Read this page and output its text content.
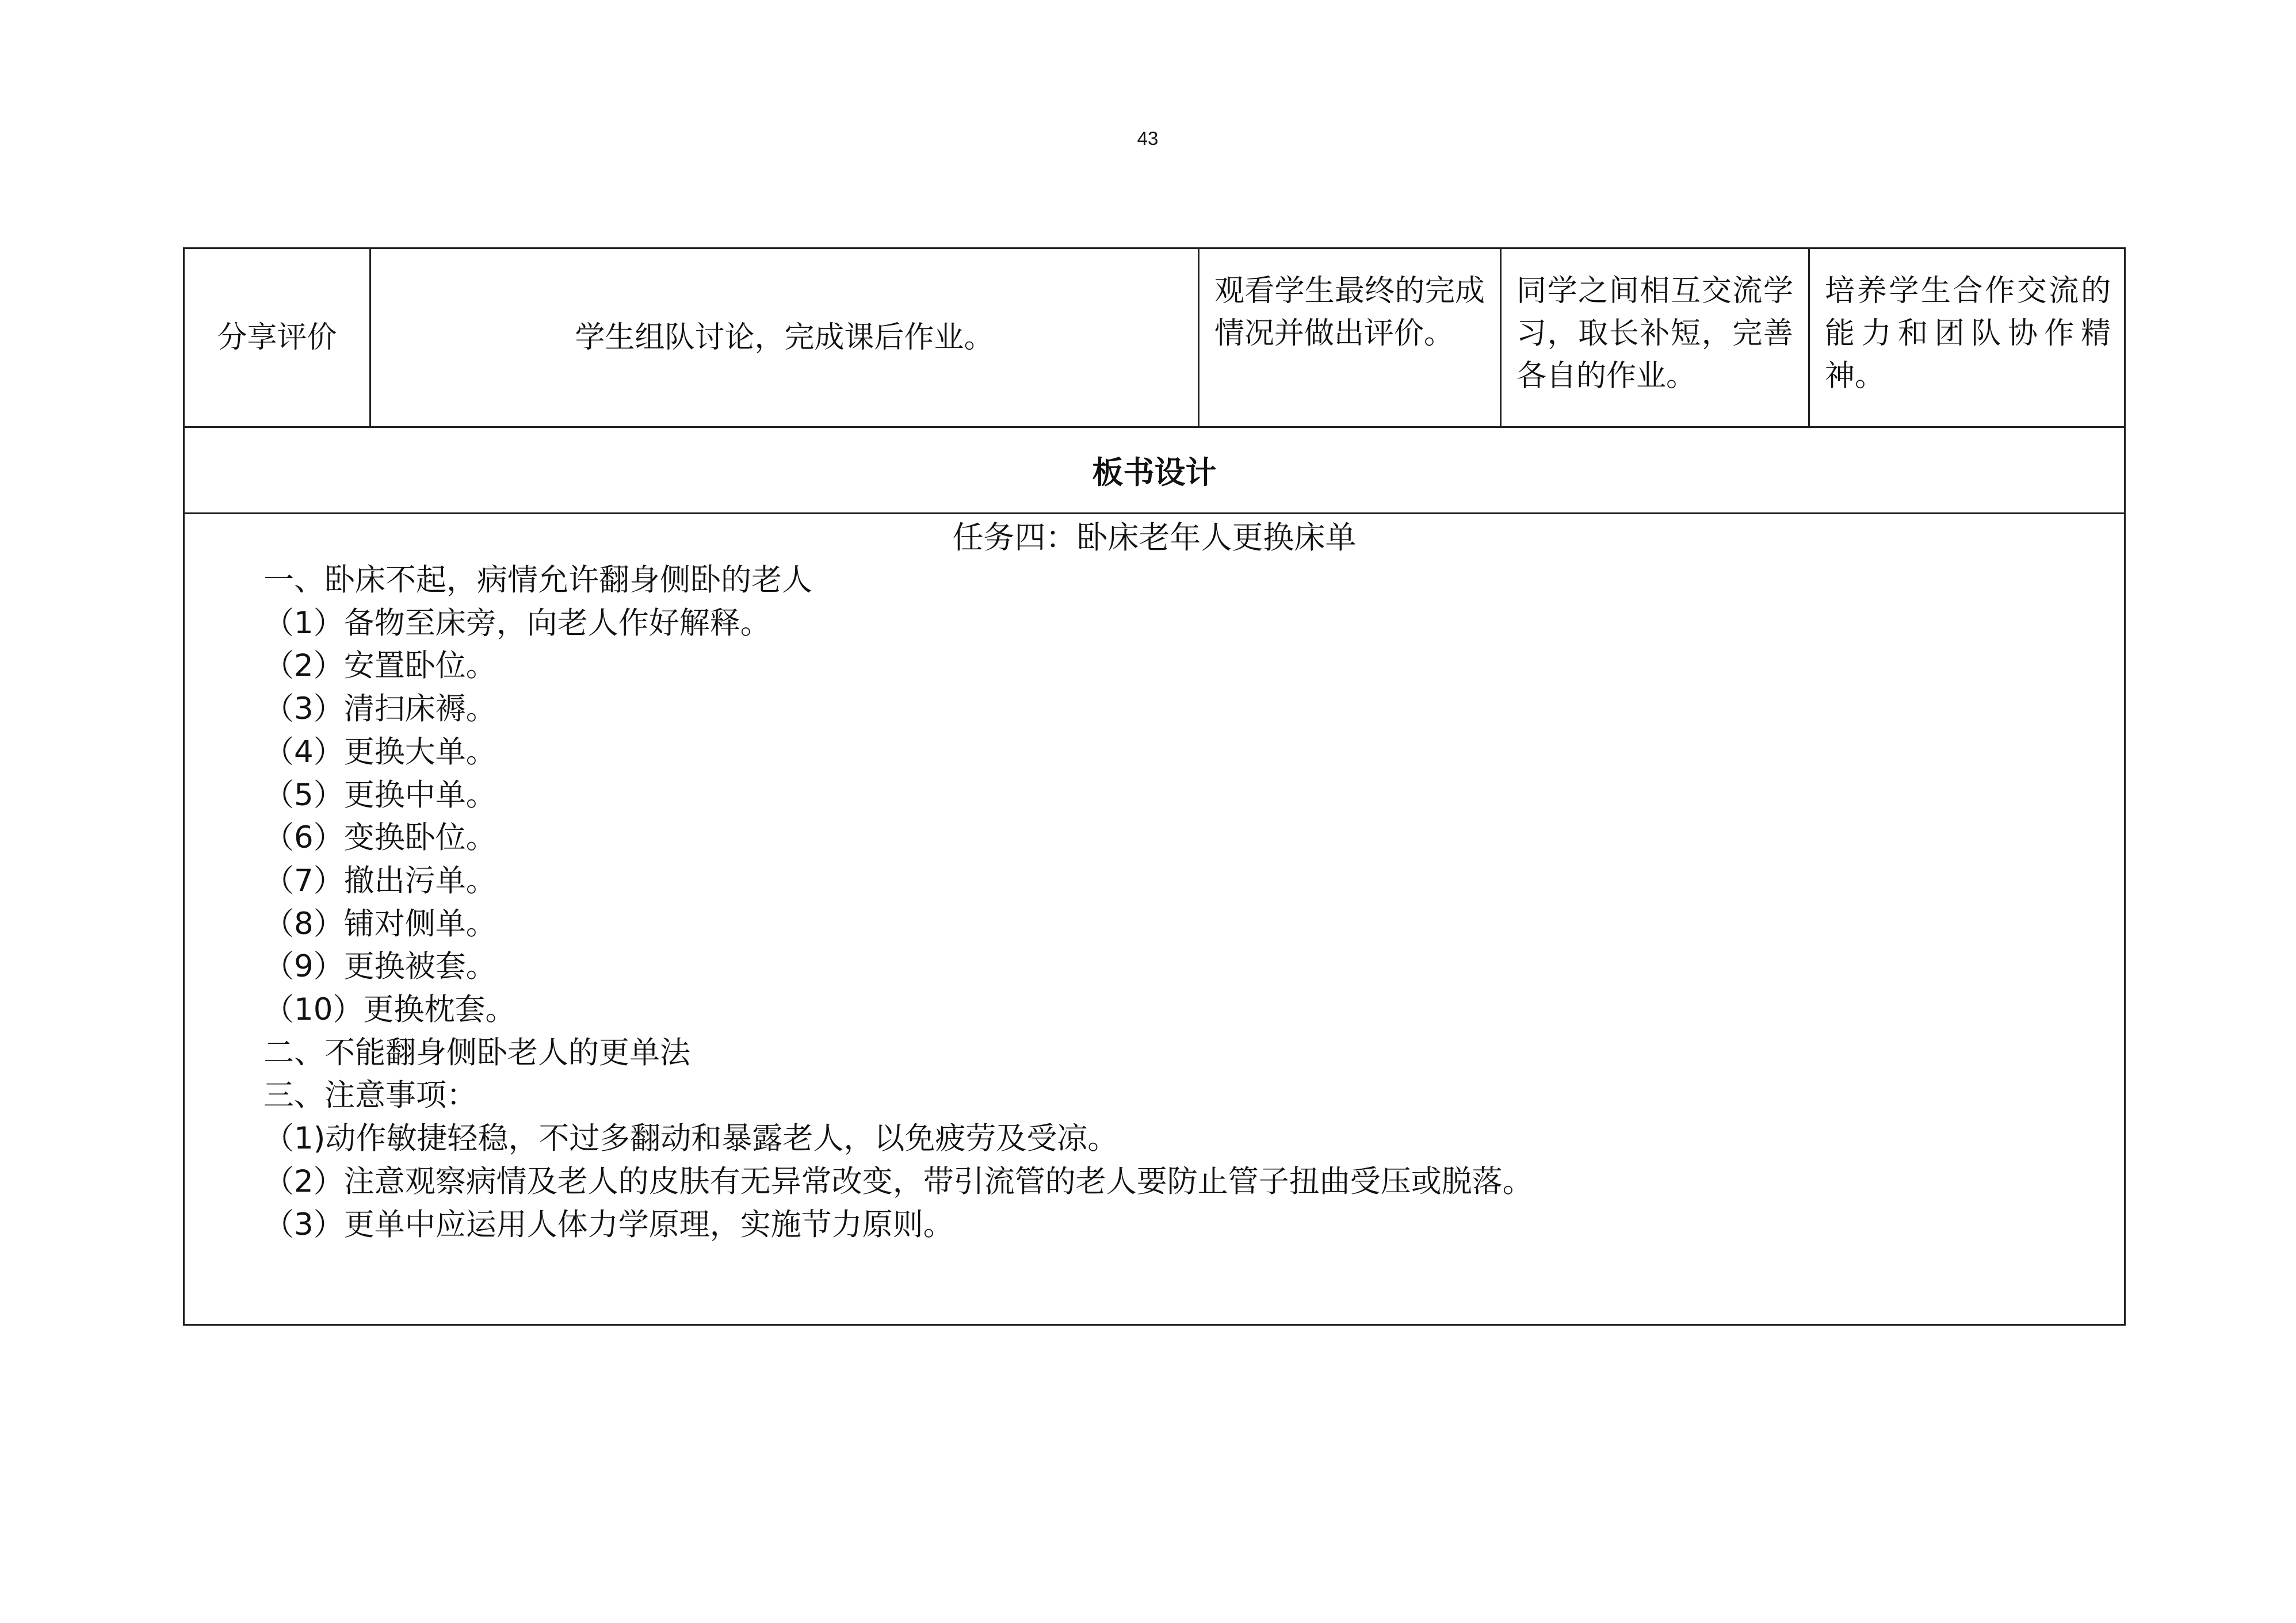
43
分享评价	学生组队讨论，完成课后作业。
观看学生最终的完成情况并做出评价。
同学之间相互交流学习，取长补短，完善各自的作业。
培养学生合作交流的能力和团队协作精神。
板书设计
任务四：卧床老年人更换床单
一、卧床不起，病情允许翻身侧卧的老人
（1）备物至床旁，向老人作好解释。
（2）安置卧位。
（3）清扫床褥。
（4）更换大单。
（5）更换中单。
（6）变换卧位。
（7）撤出污单。
（8）铺对侧单。
（9）更换被套。
（10）更换枕套。
二、不能翻身侧卧老人的更单法
三、注意事项：
（1)动作敏捷轻稳，不过多翻动和暴露老人，以免疲劳及受凉。
（2）注意观察病情及老人的皮肤有无异常改变，带引流管的老人要防止管子扭曲受压或脱落。
（3）更单中应运用人体力学原理，实施节力原则。
